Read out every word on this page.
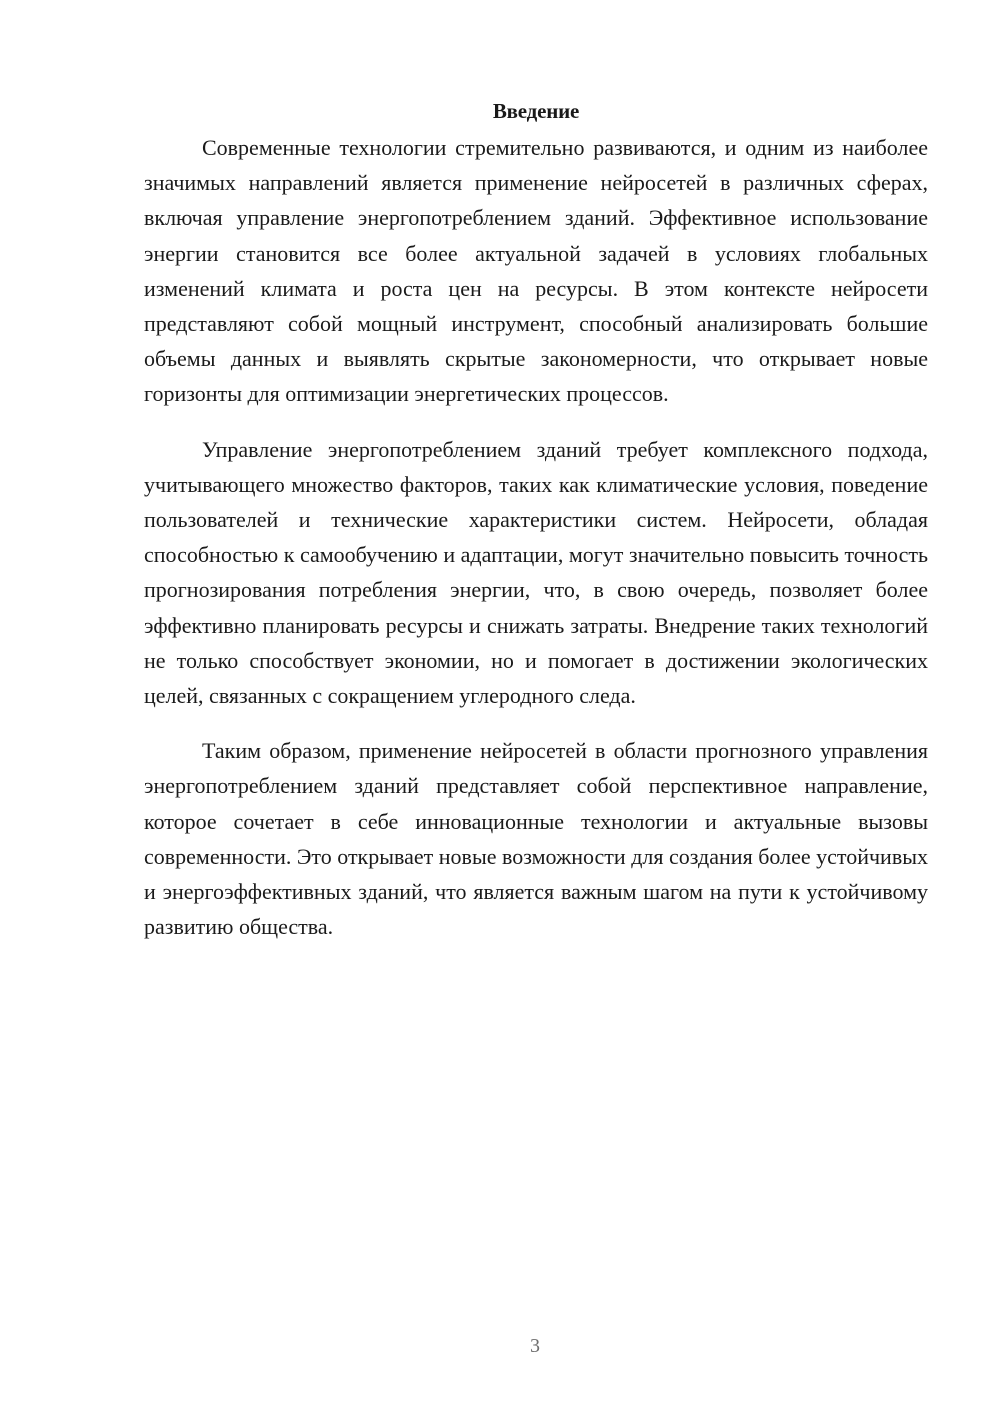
Введение

Современные технологии стремительно развиваются, и одним из наиболее значимых направлений является применение нейросетей в различных сферах, включая управление энергопотреблением зданий. Эффективное использование энергии становится все более актуальной задачей в условиях глобальных изменений климата и роста цен на ресурсы. В этом контексте нейросети представляют собой мощный инструмент, способный анализировать большие объемы данных и выявлять скрытые закономерности, что открывает новые горизонты для оптимизации энергетических процессов.

Управление энергопотреблением зданий требует комплексного подхода, учитывающего множество факторов, таких как климатические условия, поведение пользователей и технические характеристики систем. Нейросети, обладая способностью к самообучению и адаптации, могут значительно повысить точность прогнозирования потребления энергии, что, в свою очередь, позволяет более эффективно планировать ресурсы и снижать затраты. Внедрение таких технологий не только способствует экономии, но и помогает в достижении экологических целей, связанных с сокращением углеродного следа.

Таким образом, применение нейросетей в области прогнозного управления энергопотреблением зданий представляет собой перспективное направление, которое сочетает в себе инновационные технологии и актуальные вызовы современности. Это открывает новые возможности для создания более устойчивых и энергоэффективных зданий, что является важным шагом на пути к устойчивому развитию общества.

3
